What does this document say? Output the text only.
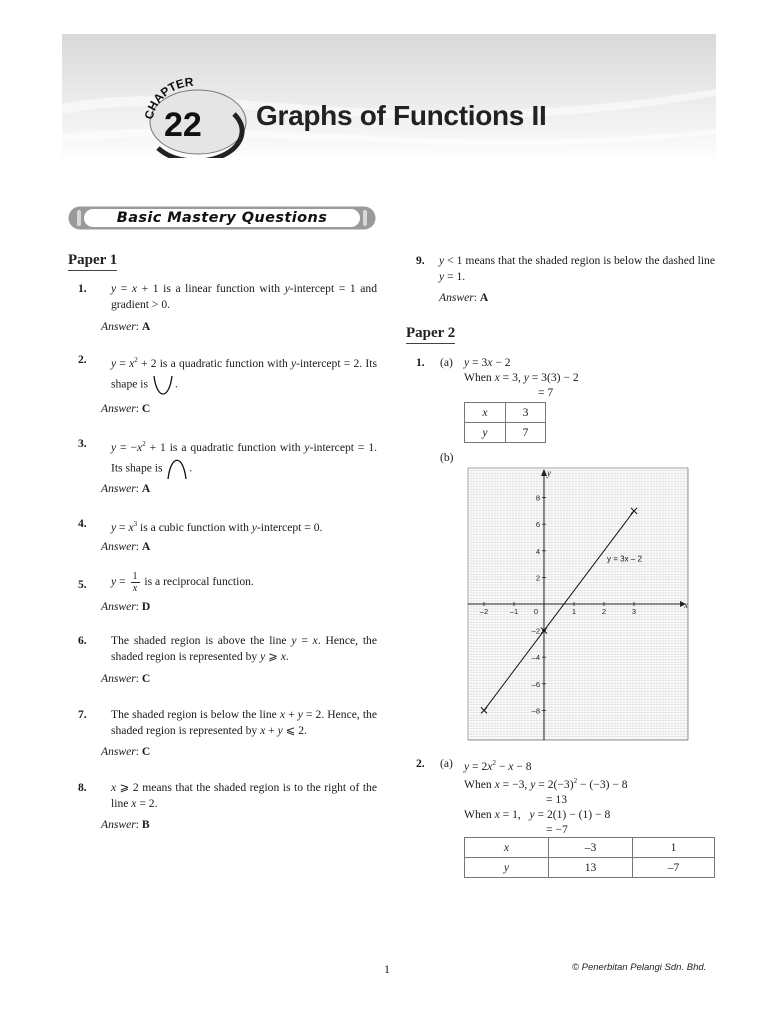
CHAPTER
22 Graphs of Functions II
Basic Mastery Questions
Paper 1
1. y = x + 1 is a linear function with y-intercept = 1 and gradient > 0.
Answer: A
2. $y = x^2 + 2$ is a quadratic function with y-intercept = 2. Its shape is .
Answer: C
3. $y = -x^2 + 1$ is a quadratic function with y-intercept = 1. Its shape is .
Answer: A
4. $y = x^3$ is a cubic function with y-intercept = 0.
Answer: A
5. $y = \frac{1}{x}$ is a reciprocal function.
Answer: D
6. The shaded region is above the line y = x. Hence, the shaded region is represented by y ⩾ x.
Answer: C
7. The shaded region is below the line x + y = 2. Hence, the shaded region is represented by x + y ⩽ 2.
Answer: C
8. x ⩾ 2 means that the shaded region is to the right of the line x = 2.
Answer: B
9. y < 1 means that the shaded region is below the dashed line y = 1.
Answer: A
Paper 2
1. (a) y = 3x − 2
When x = 3, y = 3(3) − 2
= 7
x	3
y	7
(b)
x
y
–2	–1 0	1	2	3
8
6
4
2
–2
–4
–6
–8
y = 3x – 2
2. (a) $y = 2x^2 - x - 8$
When x = −3, $y = 2(-3)^2 - (-3) - 8$
= 13
When x = 1,   y = 2(1) − (1) − 8
= −7
x	–3	1
y	13	–7
1	© Penerbitan Pelangi Sdn. Bhd.
